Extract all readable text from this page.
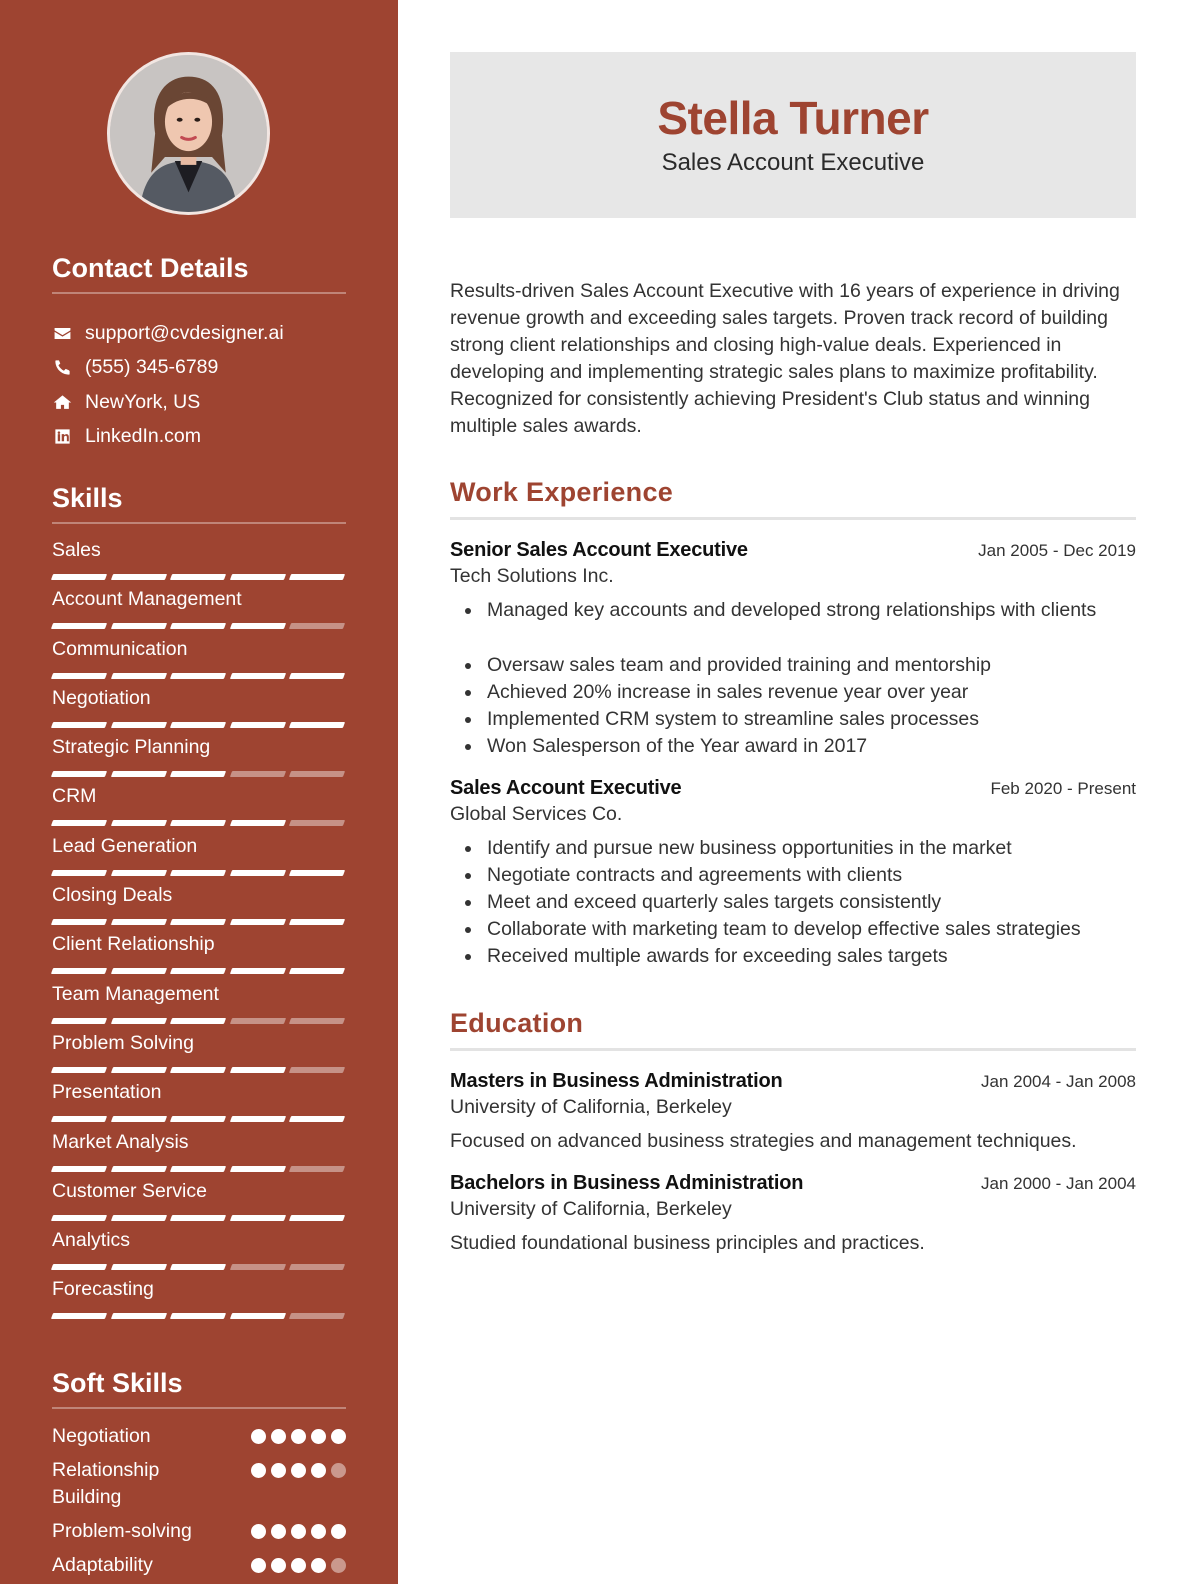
Contact Details
support@cvdesigner.ai
(555) 345-6789
NewYork, US
LinkedIn.com
Skills
Sales
Account Management
Communication
Negotiation
Strategic Planning
CRM
Lead Generation
Closing Deals
Client Relationship
Team Management
Problem Solving
Presentation
Market Analysis
Customer Service
Analytics
Forecasting
Soft Skills
Negotiation
Relationship Building
Problem-solving
Adaptability
Stella Turner
Sales Account Executive

Results-driven Sales Account Executive with 16 years of experience in driving revenue growth and exceeding sales targets. Proven track record of building strong client relationships and closing high-value deals. Experienced in developing and implementing strategic sales plans to maximize profitability. Recognized for consistently achieving President's Club status and winning multiple sales awards.

Work Experience
Senior Sales Account Executive	Jan 2005 - Dec 2019
Tech Solutions Inc.
Managed key accounts and developed strong relationships with clients
Oversaw sales team and provided training and mentorship
Achieved 20% increase in sales revenue year over year
Implemented CRM system to streamline sales processes
Won Salesperson of the Year award in 2017
Sales Account Executive	Feb 2020 - Present
Global Services Co.
Identify and pursue new business opportunities in the market
Negotiate contracts and agreements with clients
Meet and exceed quarterly sales targets consistently
Collaborate with marketing team to develop effective sales strategies
Received multiple awards for exceeding sales targets
Education
Masters in Business Administration	Jan 2004 - Jan 2008
University of California, Berkeley

Focused on advanced business strategies and management techniques.

Bachelors in Business Administration	Jan 2000 - Jan 2004
University of California, Berkeley

Studied foundational business principles and practices.
